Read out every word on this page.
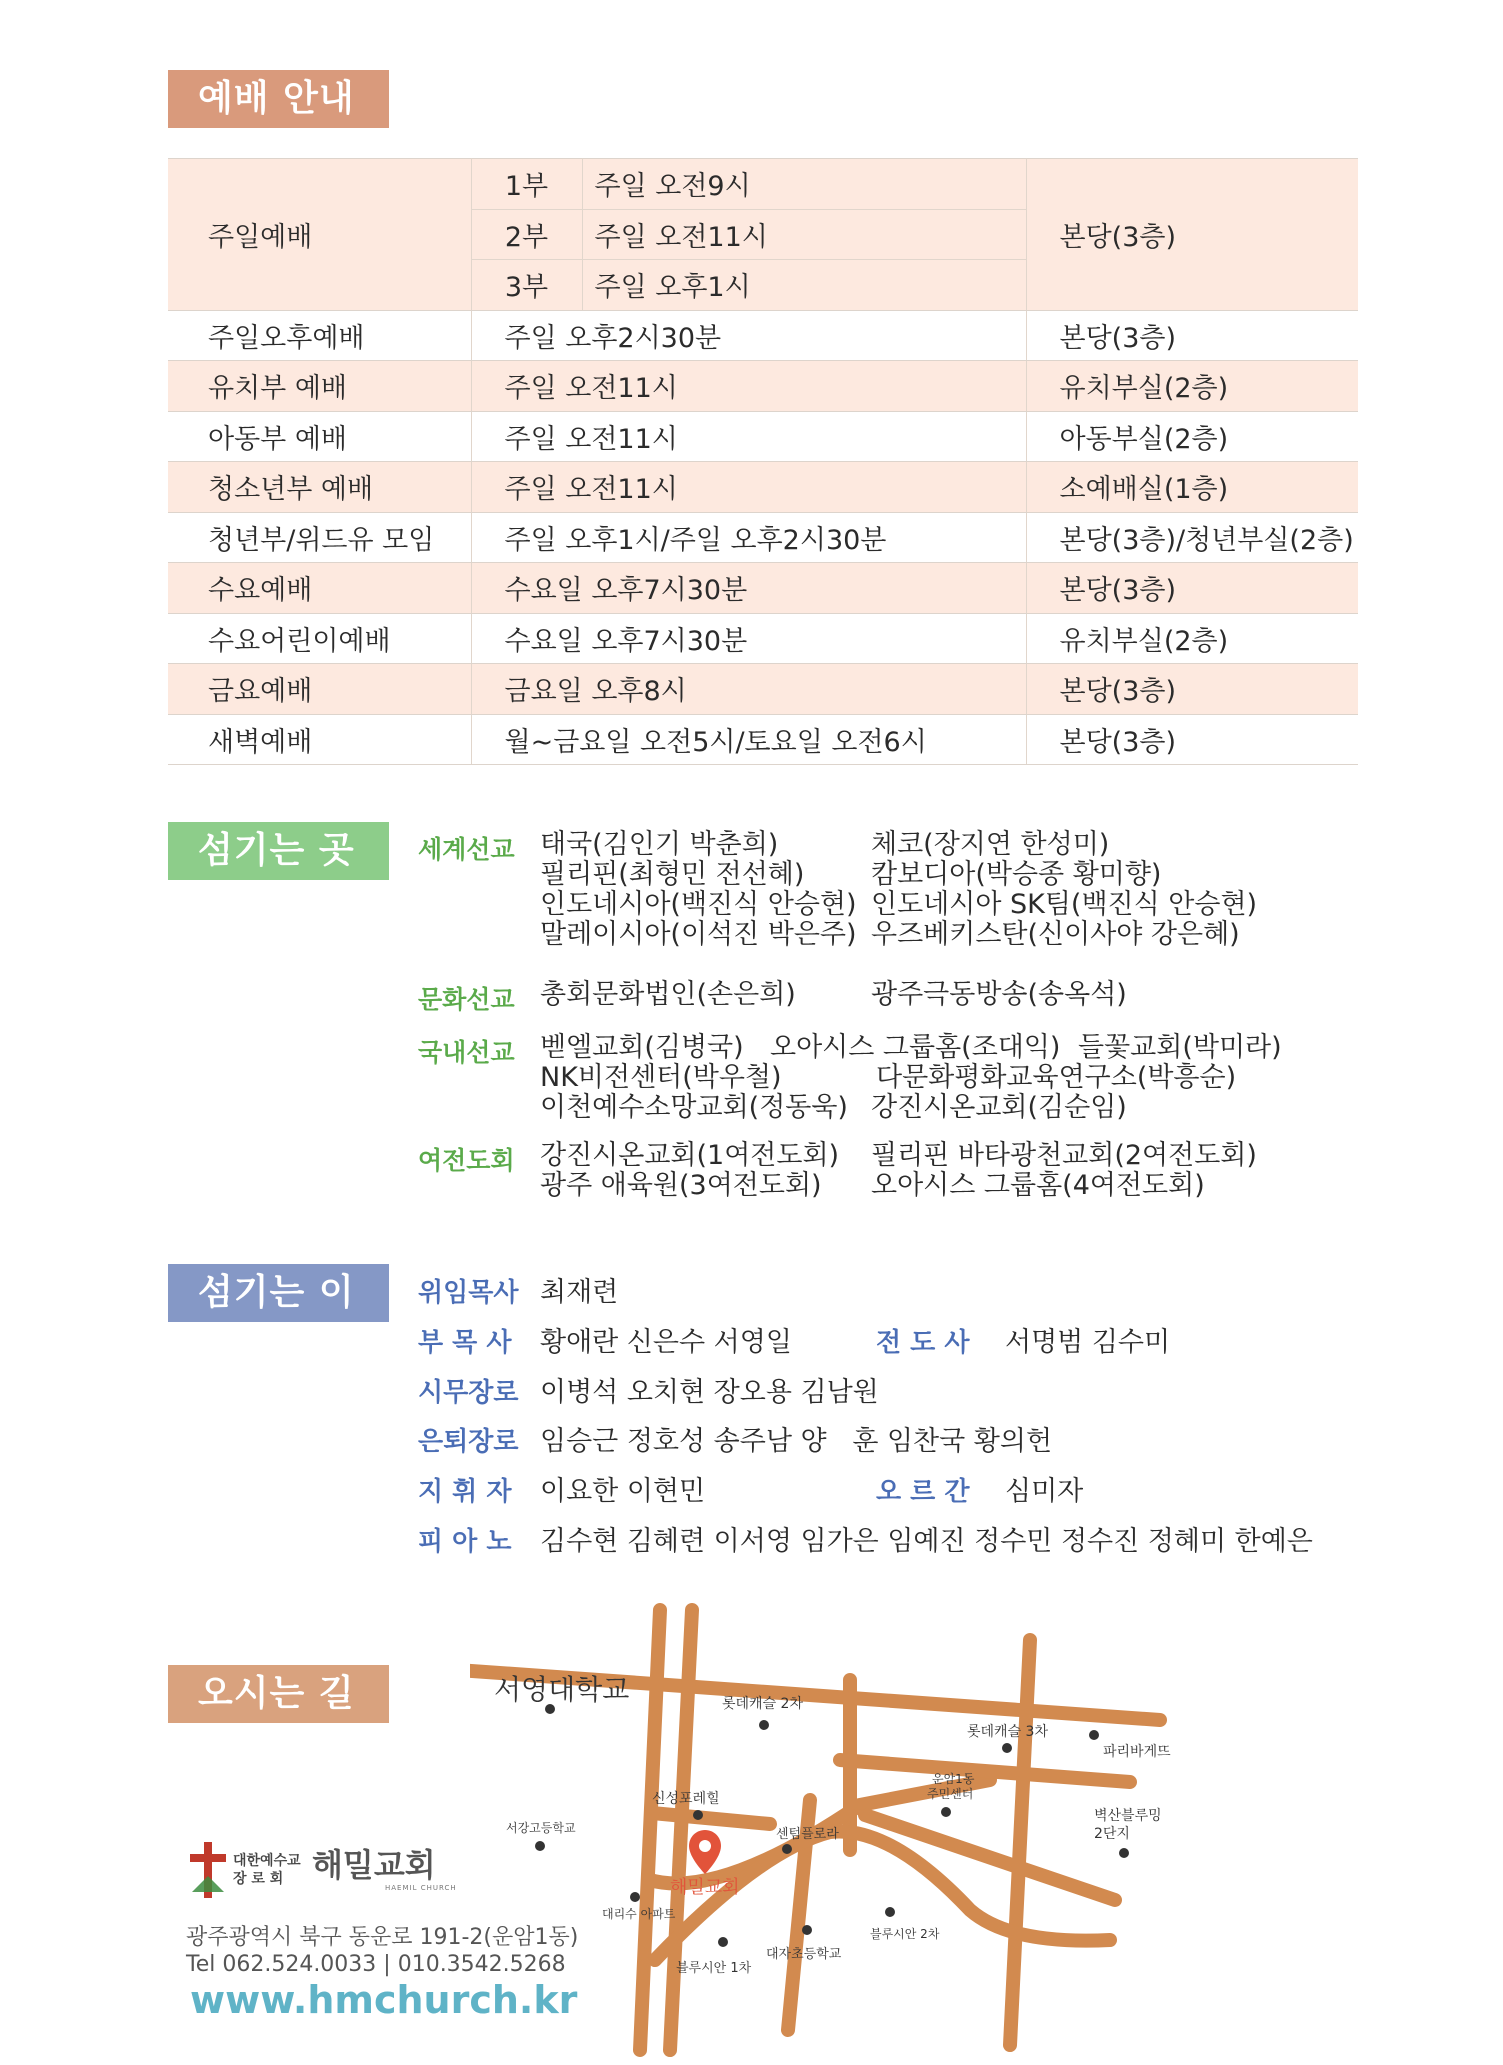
예배 안내
섬기는 곳
섬기는 이들
오시는 길
주일예배	1부	주일 오전9시	본당(3층)
	2부	주일 오전11시	
	3부	주일 오후1시	
주일오후예배	주일 오후2시30분		본당(3층)
유치부 예배	주일 오전11시		유치부실(2층)
아동부 예배	주일 오전11시		아동부실(2층)
청소년부 예배	주일 오전11시		소예배실(1층)
청년부/위드유 모임	주일 오후1시/주일 오후2시30분		본당(3층)/청년부실(2층)
수요예배	수요일 오후7시30분		본당(3층)
수요어린이예배	수요일 오후7시30분		유치부실(2층)
금요예배	금요일 오후8시		본당(3층)
새벽예배	월~금요일 오전5시/토요일 오전6시		본당(3층)
세계선교 태국(김인기 박춘희)	체코(장지연 한성미)
필리핀(최형민 전선혜) 캄보디아(박승종 황미향)
인도네시아(백진식 안승현) 인도네시아 SK팀(백진식 안승현)
말레이시아(이석진 박은주) 우즈베키스탄(신이사야 강은혜)
문화선교 총회문화법인(손은희)	광주극동방송(송옥석)
국내선교 벧엘교회(김병국) 오아시스 그룹홈(조대익) 들꽃교회(박미라)
NK비전센터(박우철)	다문화평화교육연구소(박흥순)
이천예수소망교회(정동욱) 강진시온교회(김순임)
여전도회 강진시온교회(1여전도회) 필리핀 바타광천교회(2여전도회)
광주 애육원(3여전도회) 오아시스 그룹홈(4여전도회)
위임목사 최재련
부 목 사 황애란 신은수 서영일	전 도 사 서명범 김수미
시무장로 이병석 오치현 장오용 김남원
은퇴장로 임승근 정호성 송주남 양   훈 임찬국 황의헌
지 휘 자 이요한 이현민	오 르 간 심미자
피 아 노 김수현 김혜련 이서영 임가은 임예진 정수민 정수진 정혜미 한예은
대한예수교
장 로 회 해밀교회
HAEMIL CHURCH
광주광역시 북구 동운로 191-2(운암1동)
Tel 062.524.0033 | 010.3542.5268
www.hmchurch.kr
서영대학교	롯데캐슬 2차
롯데캐슬 3차
파리바게뜨
운암1동
주민센터
벽산블루밍
2단지
신성포레힐
서강고등학교	센텀플로라
해밀교회
대리수 아파트
대자초등학교
블루시안 2차
블루시안 1차
